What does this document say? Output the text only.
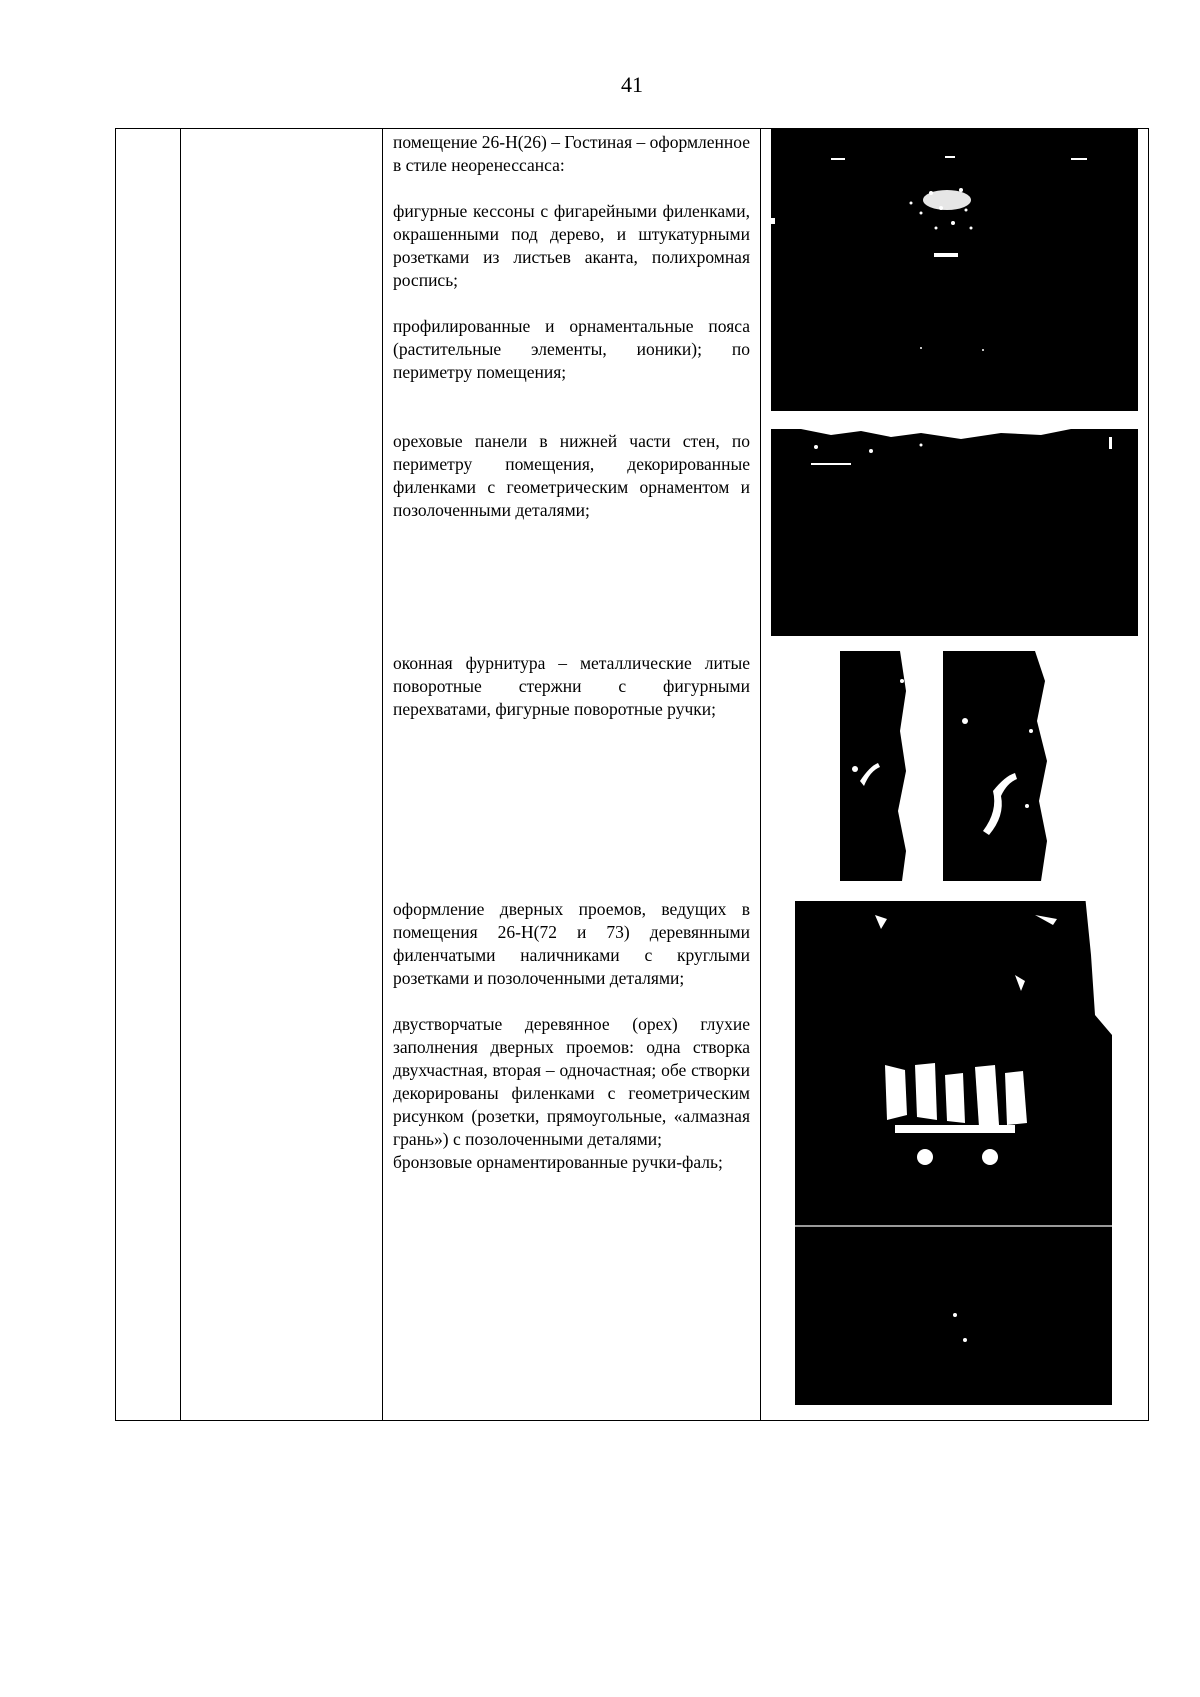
41

помещение 26-Н(26) – Гостиная – оформленное в стиле неоренессанса:

фигурные кессоны с фигарейными филенками, окрашенными под дерево, и штукатурными розетками из листьев аканта, полихромная роспись;

профилированные и орнаментальные пояса (растительные элементы, ионики); по периметру помещения;

ореховые панели в нижней части стен, по периметру помещения, декорированные филенками с геометрическим орнаментом и позолоченными деталями;
оконная фурнитура – металлические литые поворотные стержни с фигурными перехватами, фигурные поворотные ручки;

оформление дверных проемов, ведущих в помещения 26-Н(72 и 73) деревянными филенчатыми наличниками с круглыми розетками и позолоченными деталями;

двустворчатые деревянное (орех) глухие заполнения дверных проемов: одна створка двухчастная, вторая – одночастная; обе створки декорированы филенками с геометрическим рисунком (розетки, прямоугольные, «алмазная грань») с позолоченными деталями;

бронзовые орнаментированные ручки-фаль;
